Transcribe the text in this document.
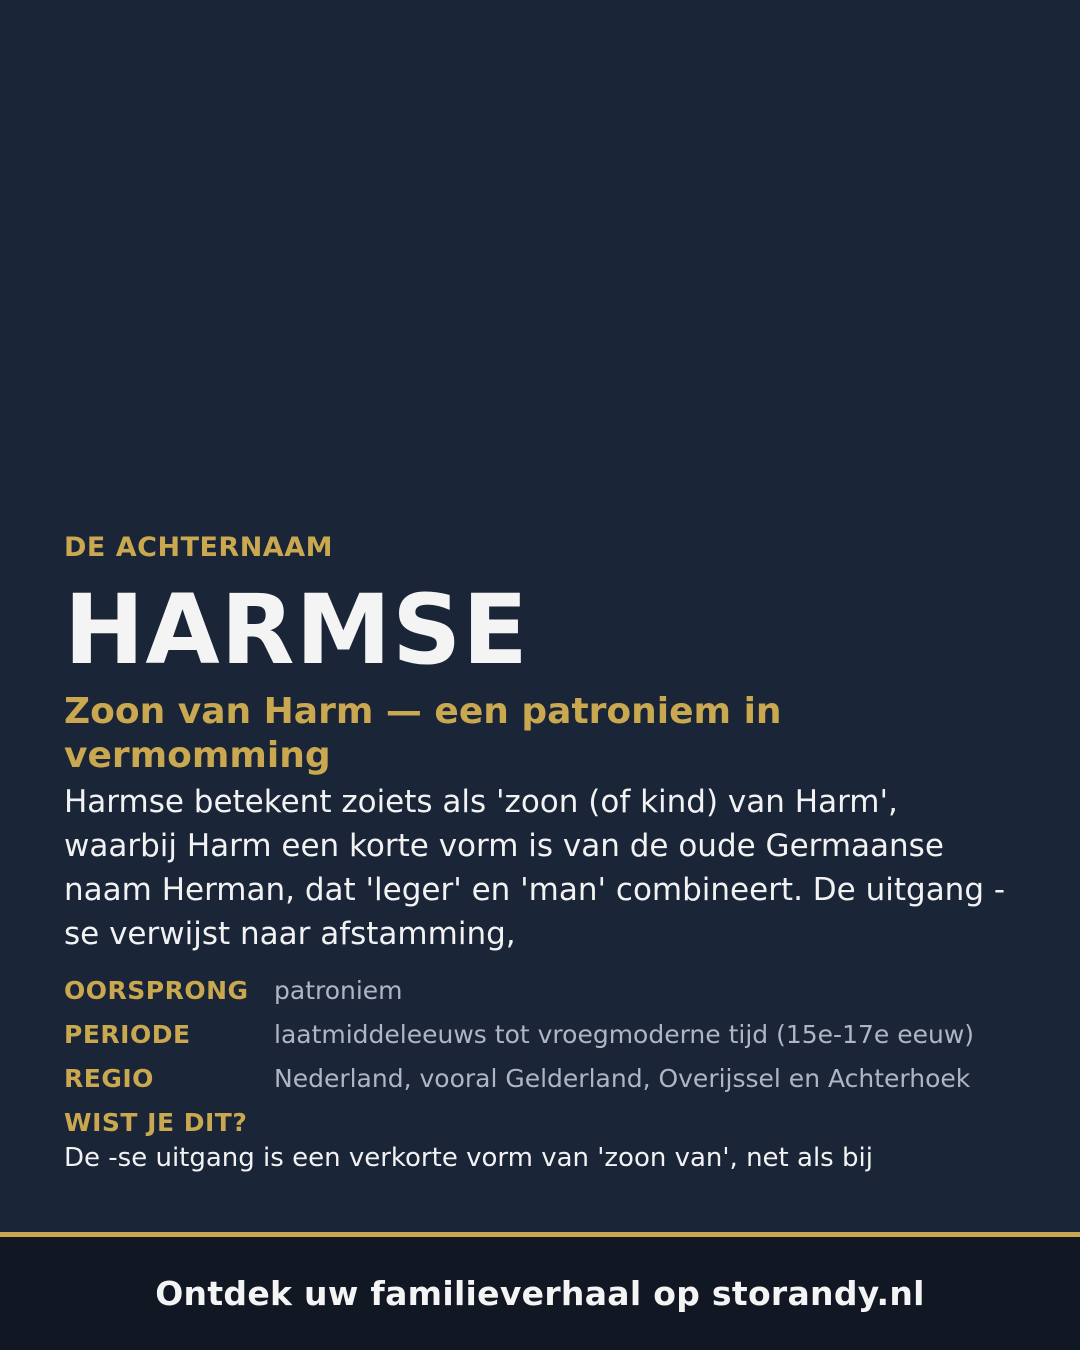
DE ACHTERNAAM

HARMSE
Zoon van Harm — een patroniem in vermomming

Harmse betekent zoiets als 'zoon (of kind) van Harm', waarbij Harm een korte vorm is van de oude Germaanse naam Herman, dat 'leger' en 'man' combineert. De uitgang -se verwijst naar afstamming,

OORSPRONG	patroniem
PERIODE	laatmiddeleeuws tot vroegmoderne tijd (15e-17e eeuw)
REGIO	Nederland, vooral Gelderland, Overijssel en Achterhoek
WIST JE DIT?
De -se uitgang is een verkorte vorm van 'zoon van', net als bij
Ontdek uw familieverhaal op storandy.nl
